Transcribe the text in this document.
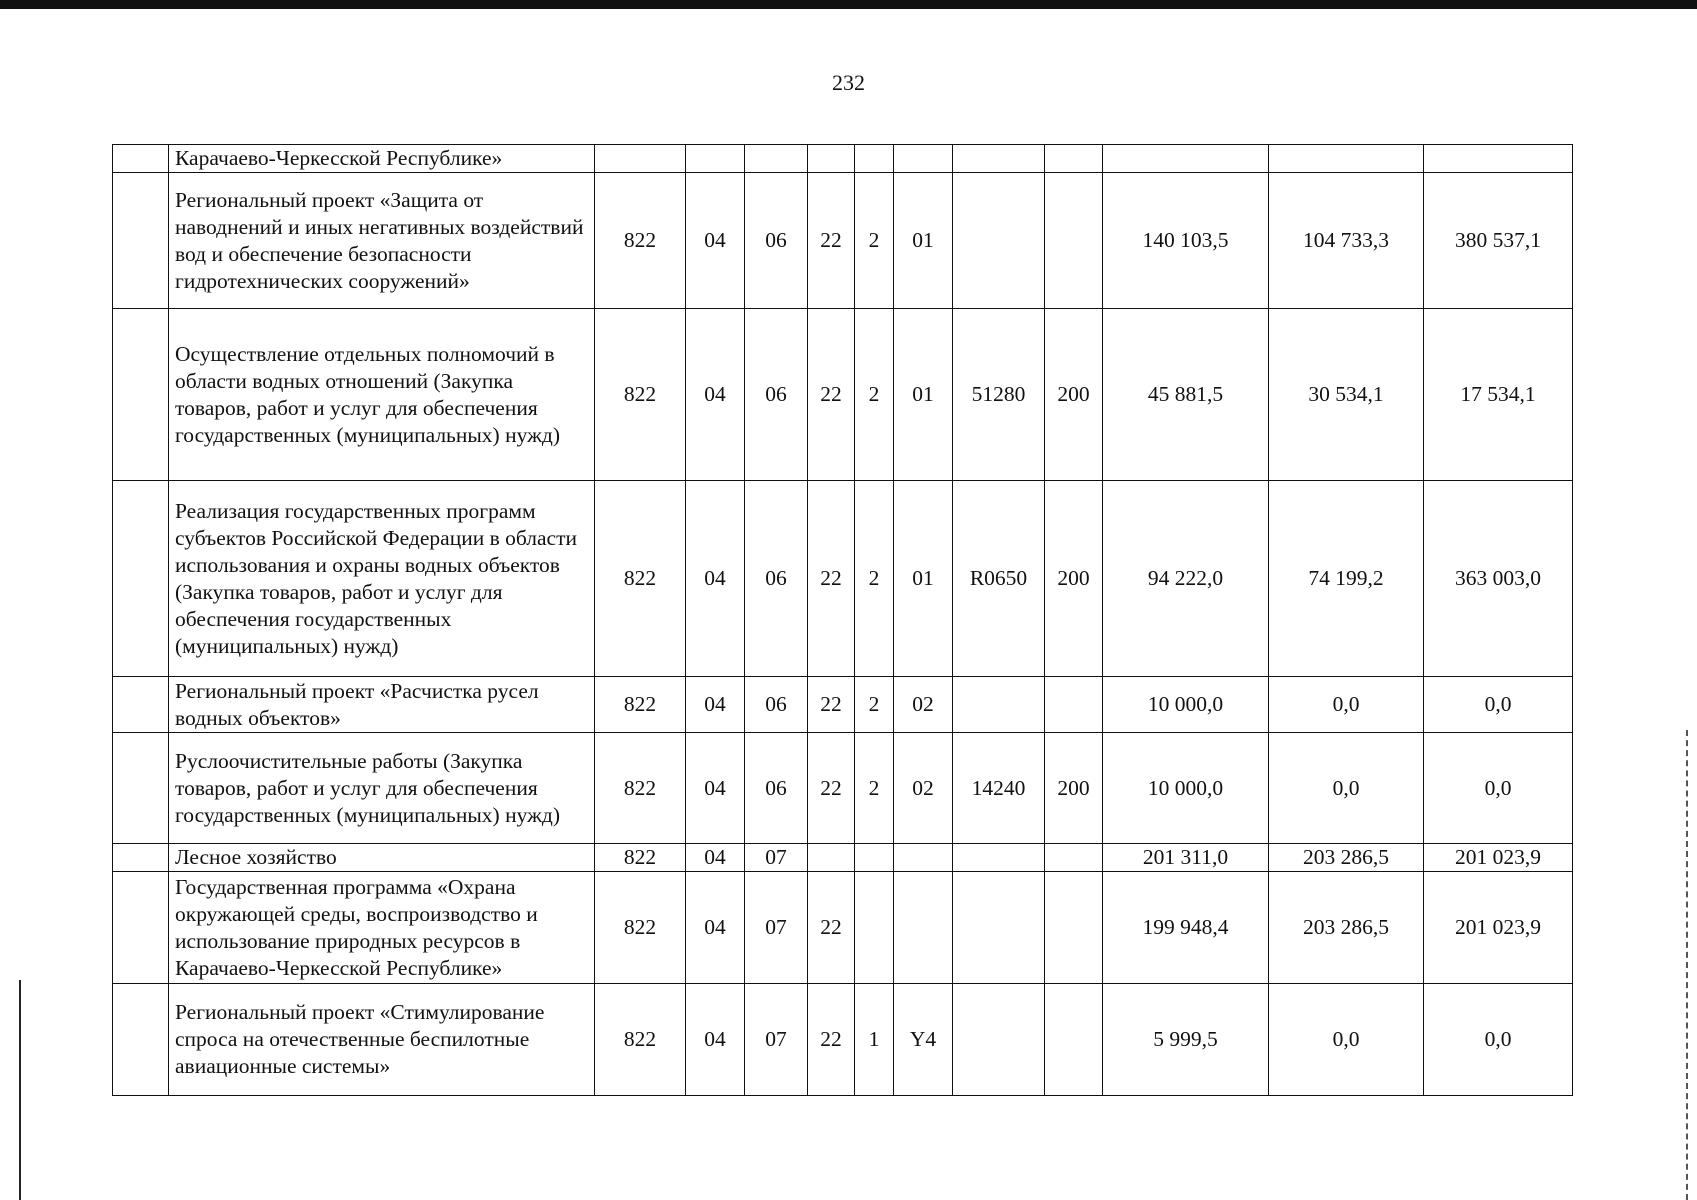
232
	Карачаево-Черкесской Республике»											
	Региональный проект «Защита от наводнений и иных негативных воздействий вод и обеспечение безопасности гидротехнических сооружений»	822	04	06	22	2	01			140 103,5	104 733,3	380 537,1
	Осуществление отдельных полномочий в области водных отношений (Закупка товаров, работ и услуг для обеспечения государственных (муниципальных) нужд)	822	04	06	22	2	01	51280	200	45 881,5	30 534,1	17 534,1
	Реализация государственных программ субъектов Российской Федерации в области использования и охраны водных объектов (Закупка товаров, работ и услуг для обеспечения государственных (муниципальных) нужд)	822	04	06	22	2	01	R0650	200	94 222,0	74 199,2	363 003,0
	Региональный проект «Расчистка русел водных объектов»	822	04	06	22	2	02			10 000,0	0,0	0,0
	Руслоочистительные работы (Закупка товаров, работ и услуг для обеспечения государственных (муниципальных) нужд)	822	04	06	22	2	02	14240	200	10 000,0	0,0	0,0
	Лесное хозяйство	822	04	07						201 311,0	203 286,5	201 023,9
	Государственная программа «Охрана окружающей среды, воспроизводство и использование природных ресурсов в Карачаево-Черкесской Республике»	822	04	07	22					199 948,4	203 286,5	201 023,9
	Региональный проект «Стимулирование спроса на отечественные беспилотные авиационные системы»	822	04	07	22	1	Y4			5 999,5	0,0	0,0
